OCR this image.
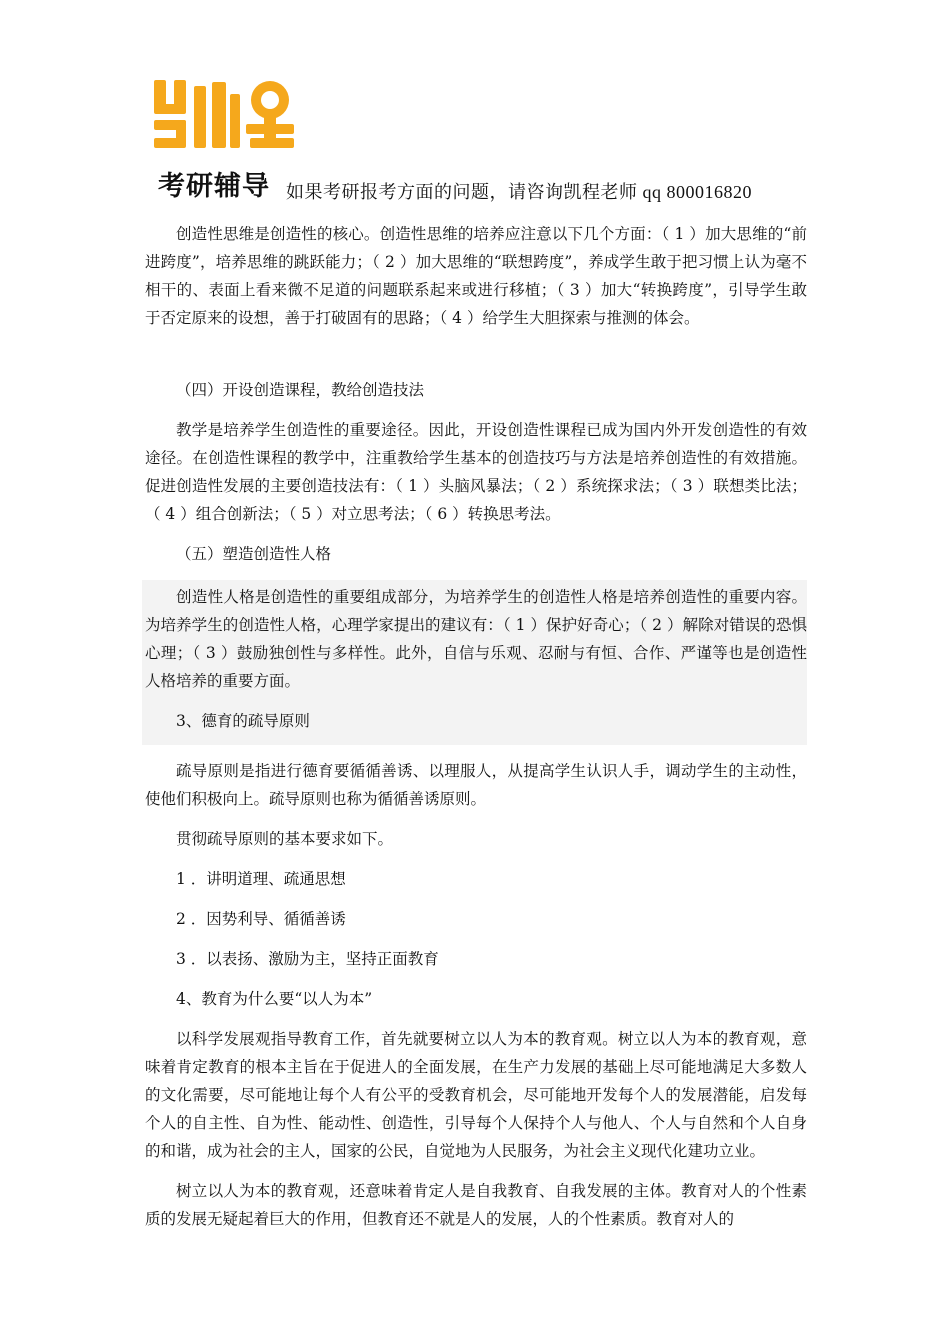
考研辅导 如果考研报考方面的问题，请咨询凯程老师 qq 800016820

创造性思维是创造性的核心。创造性思维的培养应注意以下几个方面：（ 1 ）加大思维的“前进跨度”，培养思维的跳跃能力；（ 2 ）加大思维的“联想跨度”，养成学生敢于把习惯上认为毫不相干的、表面上看来微不足道的问题联系起来或进行移植；（ 3 ）加大“转换跨度”，引导学生敢于否定原来的设想，善于打破固有的思路；（ 4 ）给学生大胆探索与推测的体会。

（四）开设创造课程，教给创造技法

教学是培养学生创造性的重要途径。因此，开设创造性课程已成为国内外开发创造性的有效途径。在创造性课程的教学中，注重教给学生基本的创造技巧与方法是培养创造性的有效措施。促进创造性发展的主要创造技法有：（ 1 ）头脑风暴法；（ 2 ）系统探求法；（ 3 ）联想类比法；（ 4 ）组合创新法；（ 5 ）对立思考法；（ 6 ）转换思考法。

（五）塑造创造性人格

创造性人格是创造性的重要组成部分，为培养学生的创造性人格是培养创造性的重要内容。为培养学生的创造性人格，心理学家提出的建议有：（ 1 ）保护好奇心；（ 2 ）解除对错误的恐惧心理；（ 3 ）鼓励独创性与多样性。此外，自信与乐观、忍耐与有恒、合作、严谨等也是创造性人格培养的重要方面。

3、德育的疏导原则

疏导原则是指进行德育要循循善诱、以理服人，从提高学生认识人手，调动学生的主动性，使他们积极向上。疏导原则也称为循循善诱原则。

贯彻疏导原则的基本要求如下。

1 ．讲明道理、疏通思想

2 ．因势利导、循循善诱

3 ．以表扬、激励为主，坚持正面教育

4、教育为什么要“以人为本”

以科学发展观指导教育工作，首先就要树立以人为本的教育观。树立以人为本的教育观，意味着肯定教育的根本主旨在于促进人的全面发展，在生产力发展的基础上尽可能地满足大多数人的文化需要，尽可能地让每个人有公平的受教育机会，尽可能地开发每个人的发展潜能，启发每个人的自主性、自为性、能动性、创造性，引导每个人保持个人与他人、个人与自然和个人自身的和谐，成为社会的主人，国家的公民，自觉地为人民服务，为社会主义现代化建功立业。

树立以人为本的教育观，还意味着肯定人是自我教育、自我发展的主体。教育对人的个性素质的发展无疑起着巨大的作用，但教育还不就是人的发展，人的个性素质。教育对人的
